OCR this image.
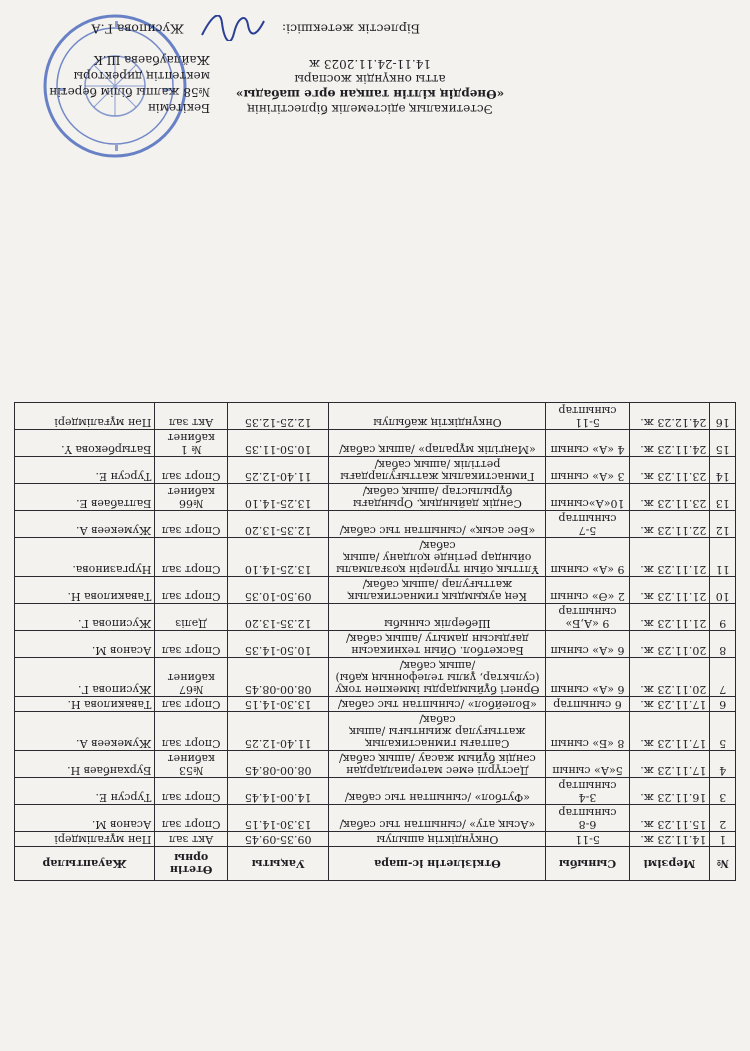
Бекітемін
№58 жалпы білім беретін
мектептің директоры
Жайлаубаева Ш.К
Эстетикалық әдістемелік бірлестігінің
«Өнердің кілтін тапқан өрге шабады»
атты онкүндік жоспары
14.11-24.11.2023 ж
№	Мерзімі	Сыныбы	Өткізілетін іс-шара	Уақыты	Өтетін орны	Жауаптылар
1	14.11.23 ж.	5-11	Онкүндіктің ашылуы	09.35-09.45	Акт зал	Пән мұғалімдері
2	15.11.23 ж.	6-8 сыныптар	«Асық ату» /сыныптан тыс сабақ/	13.30-14.15	Спорт зал	Асанов М.
3	16.11.23 ж.	3-4 сыныптар	«Футбол» /сыныптан тыс сабақ/	14.00-14.45	Спорт зал	Турсун Е.
4	17.11.23 ж.	5«А» сынып	Дәстүрлі емес материалдардан сәндік бұйым жасау /ашық сабақ/	08.00-08.45	№53 кабинет	Бурханбаев Н.
5	17.11.23 ж.	8 «Б» сынып	Саптағы гимнастикалық жаттығулар жиынтығы /ашық сабақ/	11.40-12.25	Спорт зал	Жумекеев А.
6	17.11.23 ж.	6 сыныптар	«Волейбол» /сыныптан тыс сабақ/	13.30-14.15	Спорт зал	Тавакилова Н.
7	20.11.23 ж.	6 «А» сынып	Өрнегі бұйымдарды іммекпен тоқу (сульктар, ұялы телефонның қабы) /ашық сабақ/	08.00-08.45	№67 кабинет	Жусипова Г.
8	20.11.23 ж.	6 «А» сынып	Баскетбол. Ойын техникасын дағдысын дамыту /ашық сабақ/	10.50-14.35	Спорт зал	Асанов М.
9	21.11.23 ж.	9 «А,Б» сыныптар	Шеберлік сыныбы	12.35-13.20	Дәліз	Жусипова Г.
10	21.11.23 ж.	2 «Ә» сынып	Кең ауқымдық гимнастикалық жаттығулар /ашық сабақ/	09.50-10.35	Спорт зал	Тавакилова Н.
11	21.11.23 ж.	9 «А» сынып	Ұлттық ойын түрлерін қозғалмалы ойындар ретінде қолдану /ашық сабақ/	13.25-14.10	Спорт зал	Нургазинова.
12	22.11.23 ж.	5-7 сыныптар	«Бес асық» /сыныптан тыс сабақ/	12.35-13.20	Спорт зал	Жумекеев А.
13	23.11.23 ж.	10«А»сынып	Сәндік дайындық. Орындағы бұрылыстар /ашық сабақ/	13.25-14.10	№66 кабинет	Балтабаев Е.
14	23.11.23 ж.	3 «А» сынып	Гимнастикалық жаттығулардағы реттілік /ашық сабақ/	11.40-12.25	Спорт зал	Турсун Е.
15	24.11.23 ж.	4 «А» сынып	«Мәңгілік мұралар» /ашық сабақ/	10.50-11.35	№ 1 кабинет	Батырбекова Ү.
16	24.12.23 ж.	5-11 сыныптар	Онкүндіктің жабылуы	12.25-12.35	Акт зал	Пән мұғалімдері
Бірлестік жетекшісі:  Жусипова Г.А
